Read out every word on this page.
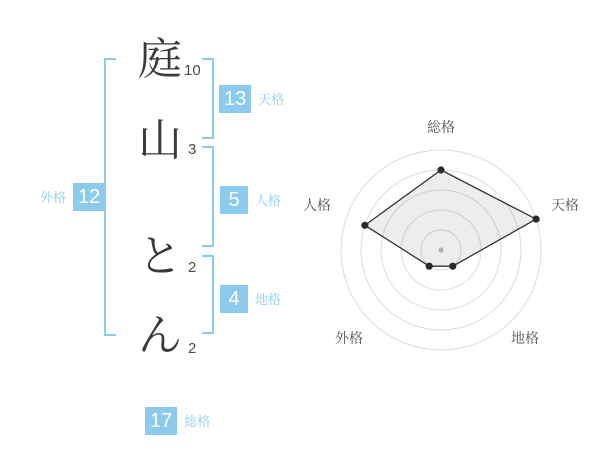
庭 10
山 3
と 2
ん 2
13 天格
5	人格
4	地格
外格 12
17 総格
総格
天格
地格
外格
人格
